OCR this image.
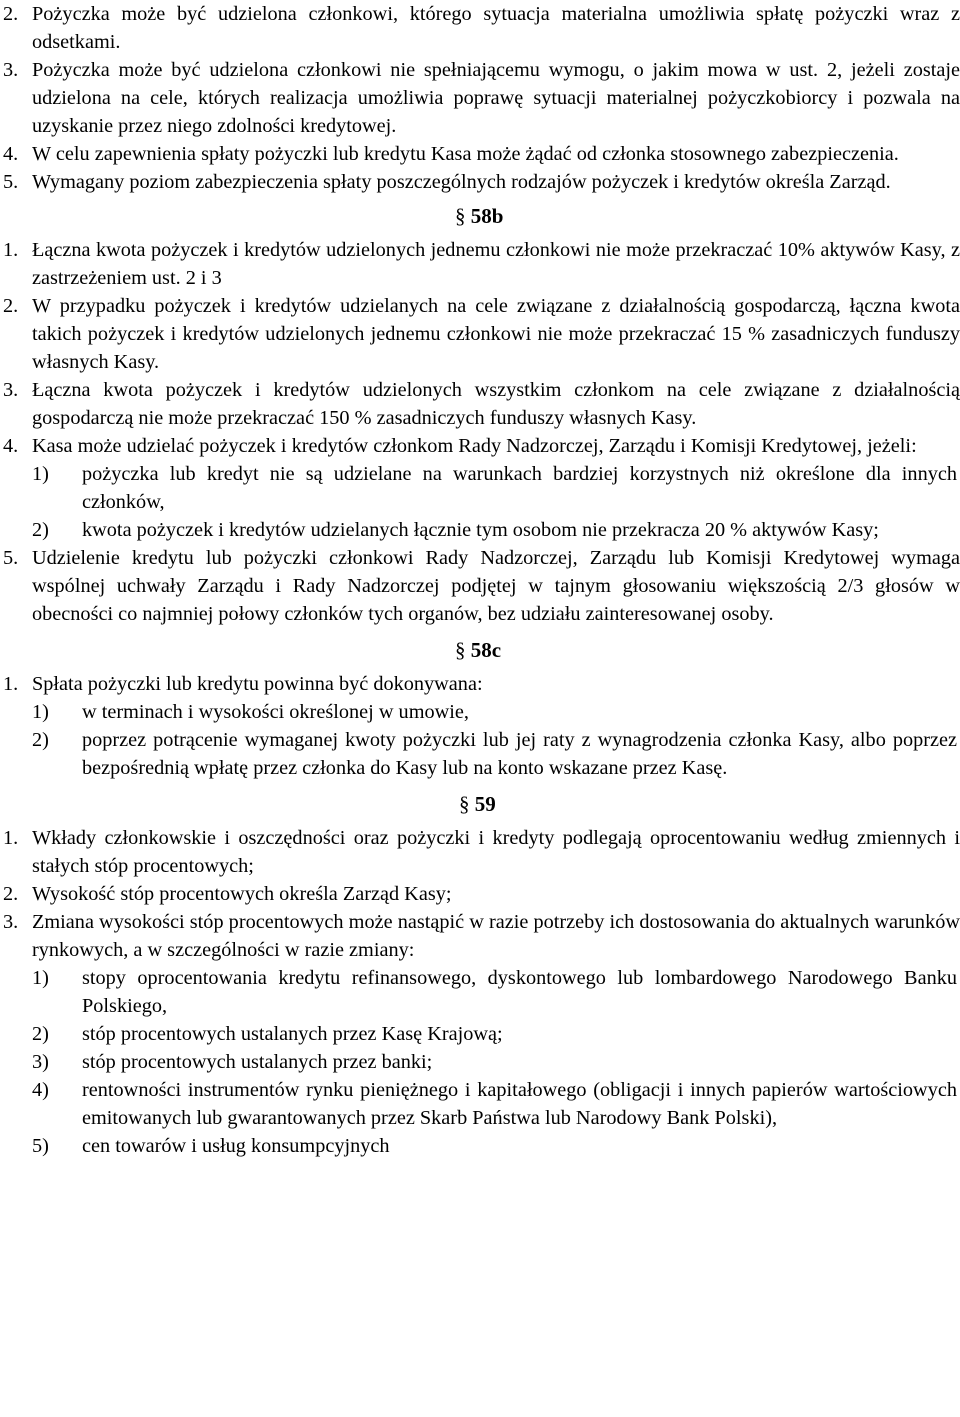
2. Pożyczka może być udzielona członkowi, którego sytuacja materialna umożliwia spłatę pożyczki wraz z odsetkami.
3. Pożyczka może być udzielona członkowi nie spełniającemu wymogu, o jakim mowa w ust. 2, jeżeli zostaje udzielona na cele, których realizacja umożliwia poprawę sytuacji materialnej pożyczkobiorcy i pozwala na uzyskanie przez niego zdolności kredytowej.
4. W celu zapewnienia spłaty pożyczki lub kredytu Kasa może żądać od członka stosownego zabezpieczenia.
5. Wymagany poziom zabezpieczenia spłaty poszczególnych rodzajów pożyczek i kredytów określa Zarząd.
§ 58b
1. Łączna kwota pożyczek i kredytów udzielonych jednemu członkowi nie może przekraczać 10% aktywów Kasy, z zastrzeżeniem ust. 2 i 3
2. W przypadku pożyczek i kredytów udzielanych na cele związane z działalnością gospodarczą, łączna kwota takich pożyczek i kredytów udzielonych jednemu członkowi nie może przekraczać 15 % zasadniczych funduszy własnych Kasy.
3. Łączna kwota pożyczek i kredytów udzielonych wszystkim członkom na cele związane z działalnością gospodarczą nie może przekraczać 150 % zasadniczych funduszy własnych Kasy.
4. Kasa może udzielać pożyczek i kredytów członkom Rady Nadzorczej, Zarządu i Komisji Kredytowej, jeżeli:
1) pożyczka lub kredyt nie są udzielane na warunkach bardziej korzystnych niż określone dla innych członków,
2) kwota pożyczek i kredytów udzielanych łącznie tym osobom nie przekracza 20 % aktywów Kasy;
5. Udzielenie kredytu lub pożyczki członkowi Rady Nadzorczej, Zarządu lub Komisji Kredytowej wymaga wspólnej uchwały Zarządu i Rady Nadzorczej podjętej w tajnym głosowaniu większością 2/3 głosów w obecności co najmniej połowy członków tych organów, bez udziału zainteresowanej osoby.
§ 58c
1. Spłata pożyczki lub kredytu powinna być dokonywana:
1) w terminach i wysokości określonej w umowie,
2) poprzez potrącenie wymaganej kwoty pożyczki lub jej raty z wynagrodzenia członka Kasy, albo poprzez bezpośrednią wpłatę przez członka do Kasy lub na konto wskazane przez Kasę.
§ 59
1. Wkłady członkowskie i oszczędności oraz pożyczki i kredyty podlegają oprocentowaniu według zmiennych i stałych stóp procentowych;
2. Wysokość stóp procentowych określa Zarząd Kasy;
3. Zmiana wysokości stóp procentowych może nastąpić w razie potrzeby ich dostosowania do aktualnych warunków rynkowych, a w szczególności w razie zmiany:
1) stopy oprocentowania kredytu refinansowego, dyskontowego lub lombardowego Narodowego Banku Polskiego,
2) stóp procentowych ustalanych przez Kasę Krajową;
3) stóp procentowych ustalanych przez banki;
4) rentowności instrumentów rynku pieniężnego i kapitałowego (obligacji i innych papierów wartościowych emitowanych lub gwarantowanych przez Skarb Państwa lub Narodowy Bank Polski),
5) cen towarów i usług konsumpcyjnych
